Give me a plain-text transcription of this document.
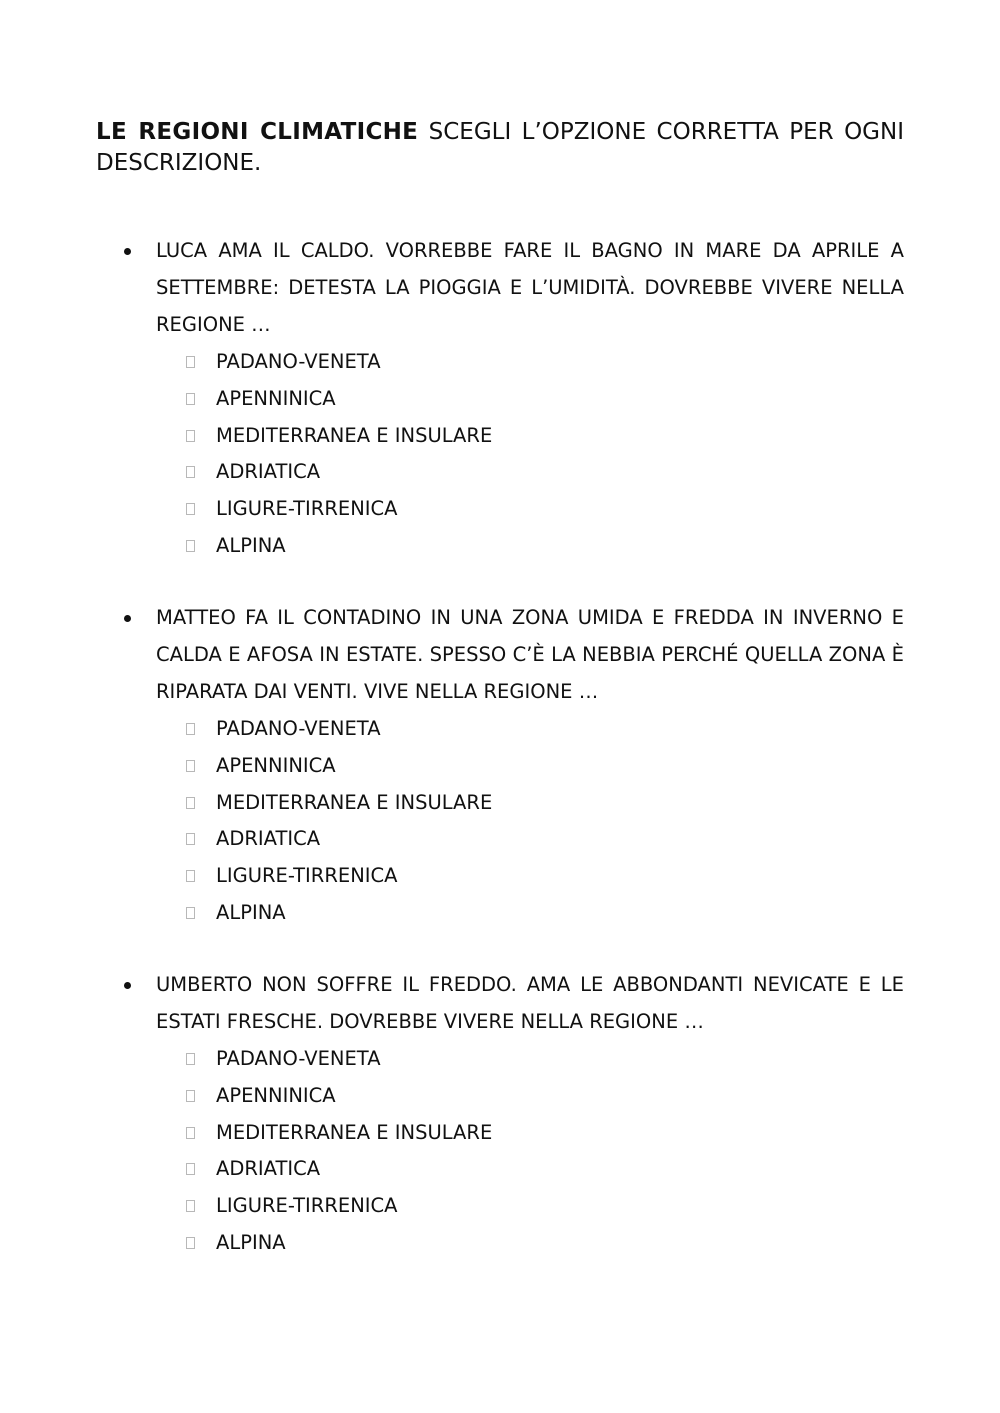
LE REGIONI CLIMATICHE SCEGLI L’OPZIONE CORRETTA PER OGNI DESCRIZIONE.

LUCA AMA IL CALDO. VORREBBE FARE IL BAGNO IN MARE DA APRILE A SETTEMBRE: DETESTA LA PIOGGIA E L’UMIDITÀ. DOVREBBE VIVERE NELLA REGIONE …

PADANO-VENETA
APENNINICA
MEDITERRANEA E INSULARE
ADRIATICA
LIGURE-TIRRENICA
ALPINA

MATTEO FA IL CONTADINO IN UNA ZONA UMIDA E FREDDA IN INVERNO E CALDA E AFOSA IN ESTATE. SPESSO C’È LA NEBBIA PERCHÉ QUELLA ZONA È RIPARATA DAI VENTI. VIVE NELLA REGIONE …

PADANO-VENETA
APENNINICA
MEDITERRANEA E INSULARE
ADRIATICA
LIGURE-TIRRENICA
ALPINA

UMBERTO NON SOFFRE IL FREDDO. AMA LE ABBONDANTI NEVICATE E LE ESTATI FRESCHE. DOVREBBE VIVERE NELLA REGIONE …

PADANO-VENETA
APENNINICA
MEDITERRANEA E INSULARE
ADRIATICA
LIGURE-TIRRENICA
ALPINA
